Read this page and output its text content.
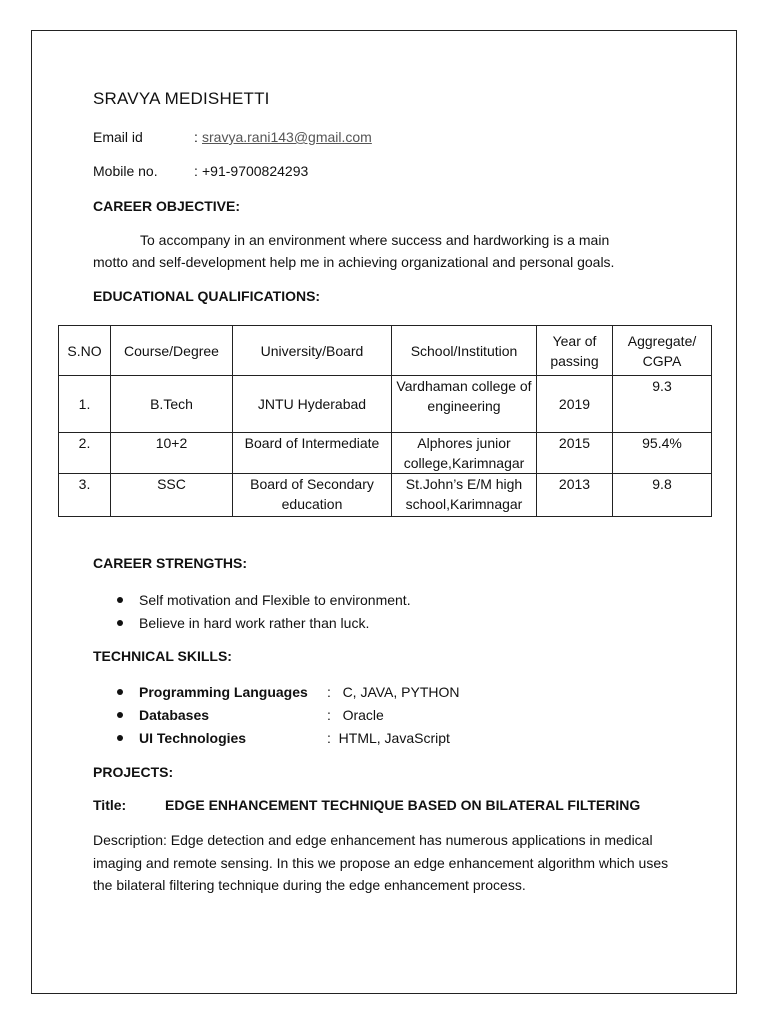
SRAVYA MEDISHETTI
Email id	: sravya.rani143@gmail.com
Mobile no.	: +91-9700824293
CAREER OBJECTIVE:
To accompany in an environment where success and hardworking is a main
motto and self-development help me in achieving organizational and personal goals.
EDUCATIONAL QUALIFICATIONS:
S.NO	Course/Degree	University/Board	School/Institution	Year of passing	Aggregate/ CGPA
1.	B.Tech	JNTU Hyderabad	Vardhaman college of engineering	2019	9.3
2.	10+2	Board of Intermediate	Alphores junior college,Karimnagar	2015	95.4%
3.	SSC	Board of Secondary education	St.John’s E/M high school,Karimnagar	2013	9.8
CAREER STRENGTHS:
Self motivation and Flexible to environment.
Believe in hard work rather than luck.
TECHNICAL SKILLS:
Programming Languages : C, JAVA, PYTHON
Databases	: Oracle
UI Technologies	: HTML, JavaScript
PROJECTS:
Title:	EDGE ENHANCEMENT TECHNIQUE BASED ON BILATERAL FILTERING
Description: Edge detection and edge enhancement has numerous applications in medical imaging and remote sensing. In this we propose an edge enhancement algorithm which uses the bilateral filtering technique during the edge enhancement process.
